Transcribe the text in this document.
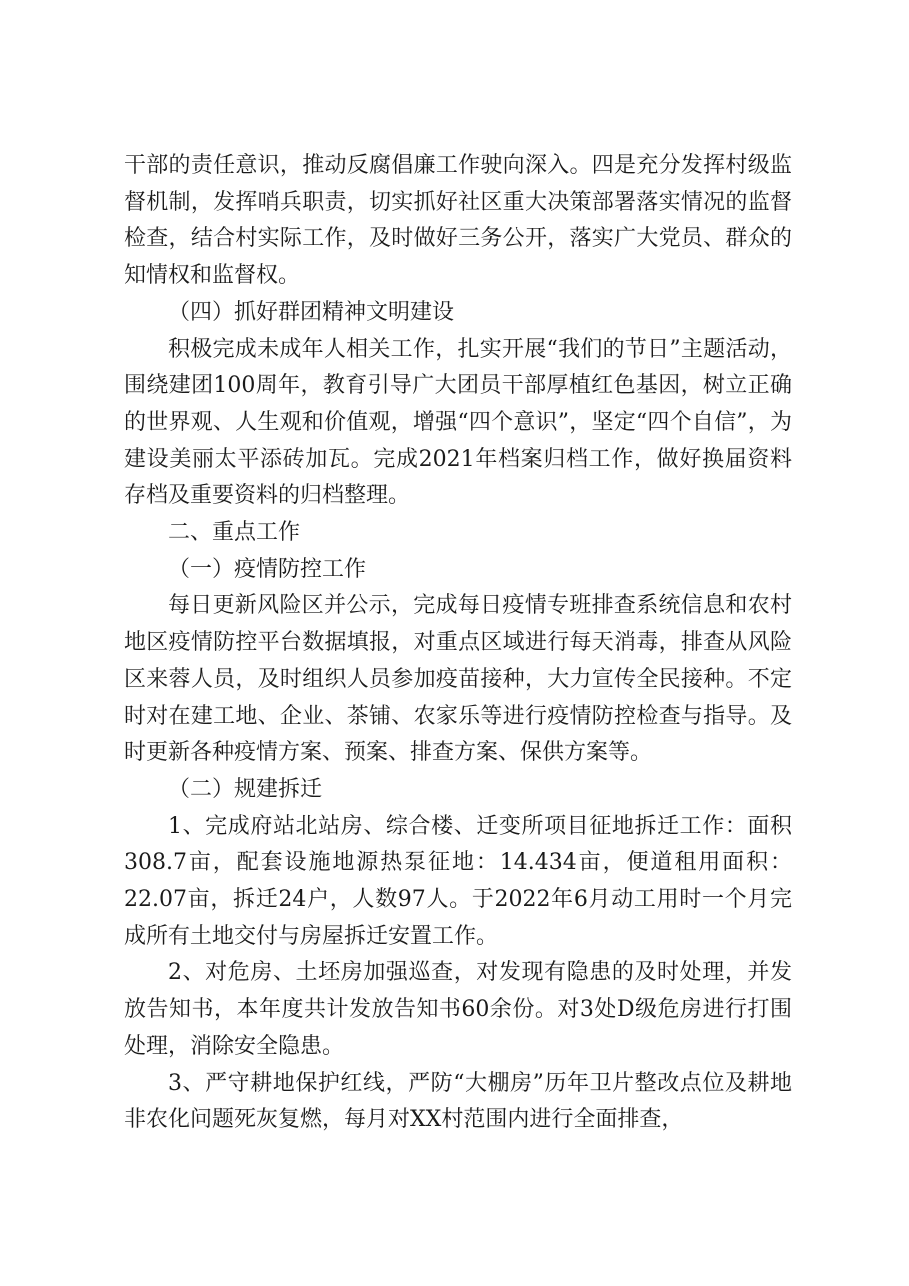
干部的责任意识，推动反腐倡廉工作驶向深入。四是充分发挥村级监督机制，发挥哨兵职责，切实抓好社区重大决策部署落实情况的监督检查，结合村实际工作，及时做好三务公开，落实广大党员、群众的知情权和监督权。

（四）抓好群团精神文明建设

积极完成未成年人相关工作，扎实开展“我们的节日”主题活动，围绕建团100周年，教育引导广大团员干部厚植红色基因，树立正确的世界观、人生观和价值观，增强“四个意识”，坚定“四个自信”，为建设美丽太平添砖加瓦。完成2021年档案归档工作，做好换届资料存档及重要资料的归档整理。

二、重点工作

（一）疫情防控工作

每日更新风险区并公示，完成每日疫情专班排查系统信息和农村地区疫情防控平台数据填报，对重点区域进行每天消毒，排查从风险区来蓉人员，及时组织人员参加疫苗接种，大力宣传全民接种。不定时对在建工地、企业、茶铺、农家乐等进行疫情防控检查与指导。及时更新各种疫情方案、预案、排查方案、保供方案等。

（二）规建拆迁

1、完成府站北站房、综合楼、迁变所项目征地拆迁工作：面积308.7亩，配套设施地源热泵征地：14.434亩，便道租用面积：22.07亩，拆迁24户，人数97人。于2022年6月动工用时一个月完成所有土地交付与房屋拆迁安置工作。

2、对危房、土坯房加强巡查，对发现有隐患的及时处理，并发放告知书，本年度共计发放告知书60余份。对3处D级危房进行打围处理，消除安全隐患。

3、严守耕地保护红线，严防“大棚房”历年卫片整改点位及耕地非农化问题死灰复燃，每月对XX村范围内进行全面排查，
